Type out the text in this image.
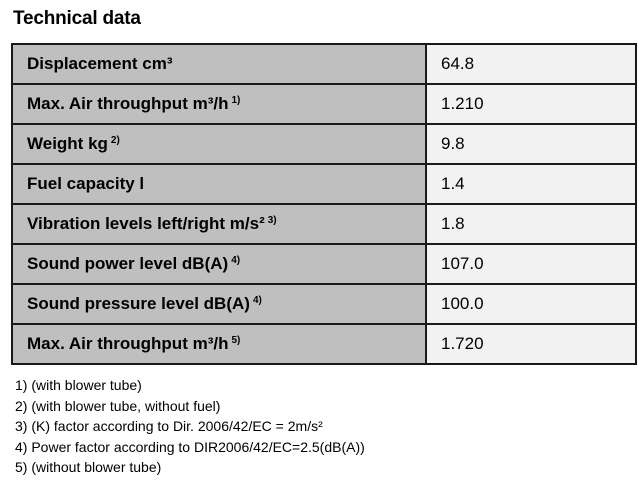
Technical data
Displacement cm³	64.8
Max. Air throughput m³/h $^{1)}$	1.210
Weight kg $^{2)}$	9.8
Fuel capacity l	1.4
Vibration levels left/right m/s² $^{3)}$	1.8
Sound power level dB(A) $^{4)}$	107.0
Sound pressure level dB(A) $^{4)}$	100.0
Max. Air throughput m³/h $^{5)}$	1.720
1) (with blower tube)
2) (with blower tube, without fuel)
3) (K) factor according to Dir. 2006/42/EC = 2m/s²
4) Power factor according to DIR2006/42/EC=2.5(dB(A))
5) (without blower tube)
